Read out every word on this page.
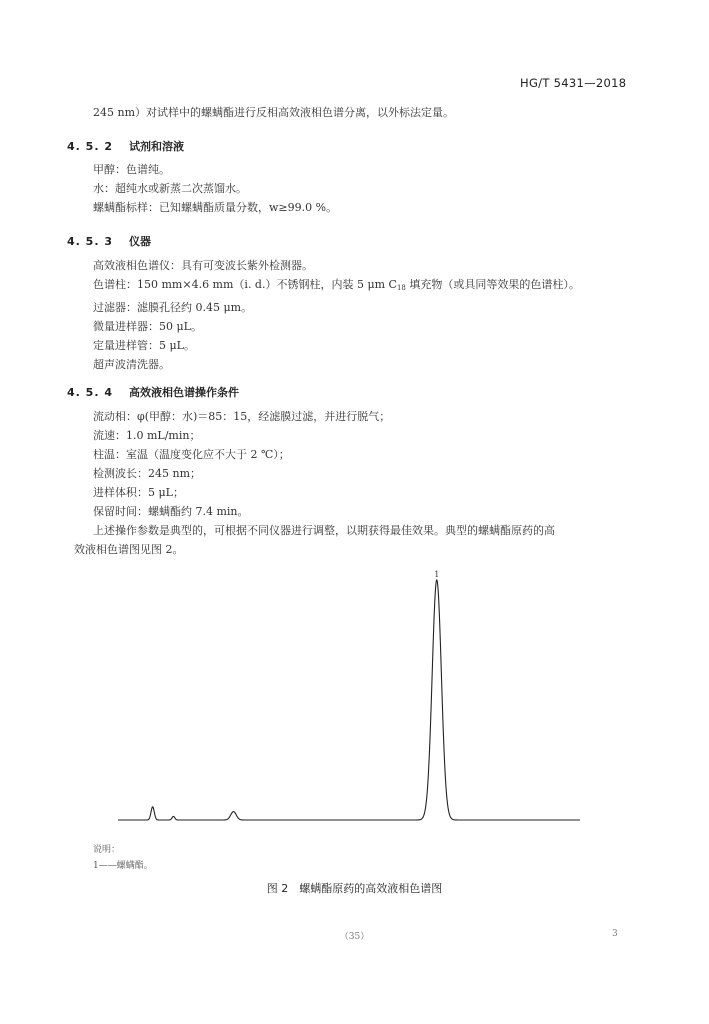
HG/T 5431—2018
245 nm）对试样中的螺螨酯进行反相高效液相色谱分离，以外标法定量。
4. 5. 2 试剂和溶液
甲醇：色谱纯。
水：超纯水或新蒸二次蒸馏水。
螺螨酯标样：已知螺螨酯质量分数，w≥99.0 %。
4. 5. 3 仪器
高效液相色谱仪：具有可变波长紫外检测器。
色谱柱：150 mm×4.6 mm（i. d.）不锈钢柱，内装 5 μm $C_{18}$ 填充物（或具同等效果的色谱柱）。
过滤器：滤膜孔径约 0.45 μm。
微量进样器：50 μL。
定量进样管：5 μL。
超声波清洗器。
4. 5. 4 高效液相色谱操作条件
流动相：φ(甲醇：水)＝85：15，经滤膜过滤，并进行脱气；
流速：1.0 mL/min；
柱温：室温（温度变化应不大于 2 ℃）；
检测波长：245 nm；
进样体积：5 μL；
保留时间：螺螨酯约 7.4 min。
上述操作参数是典型的，可根据不同仪器进行调整，以期获得最佳效果。典型的螺螨酯原药的高
效液相色谱图见图 2。
1
说明：
1——螺螨酯。
图 2　螺螨酯原药的高效液相色谱图
（35）	3
